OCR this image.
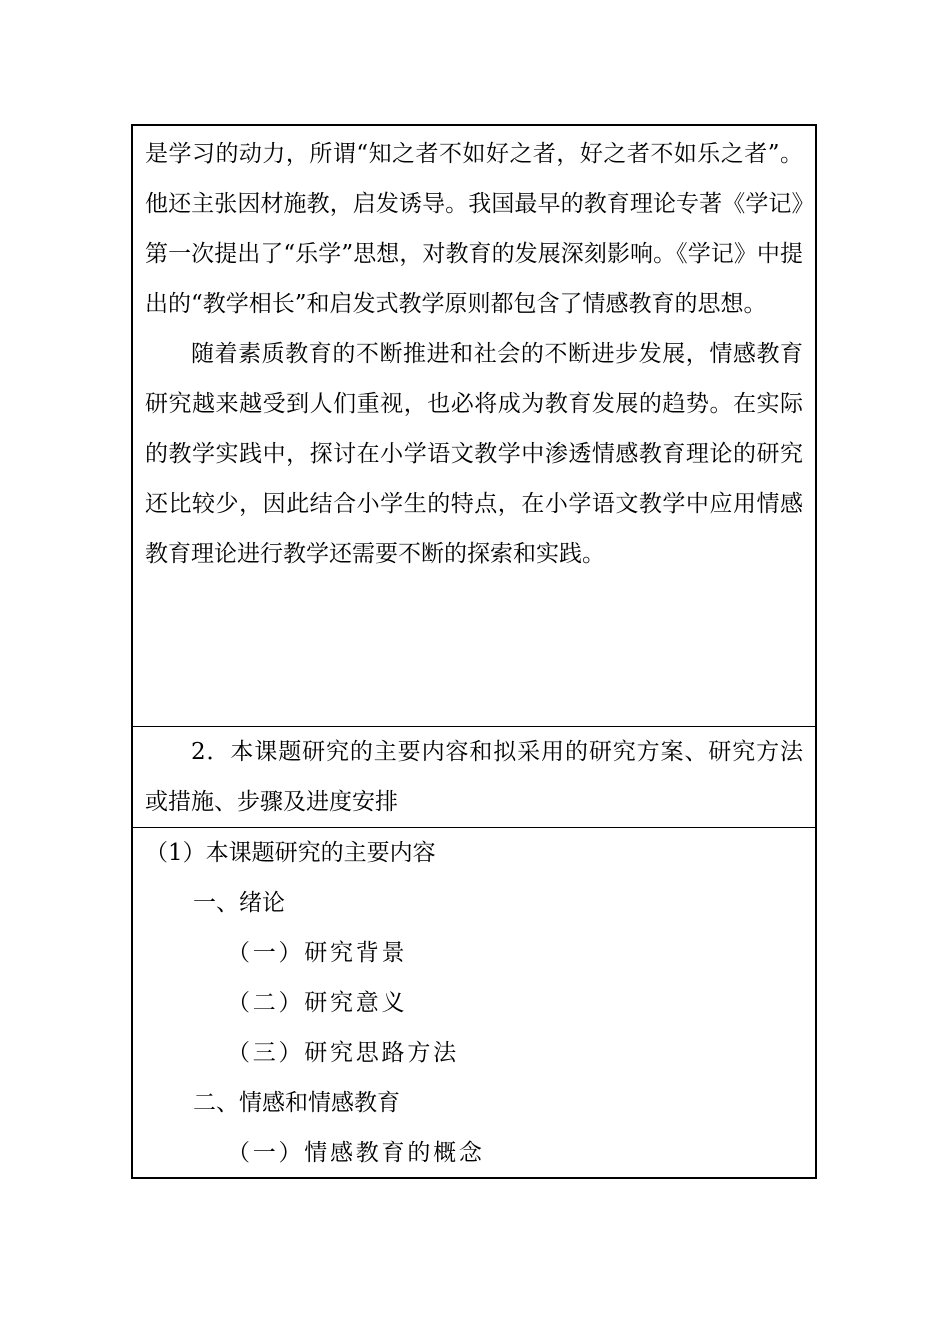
是学习的动力，所谓“知之者不如好之者，好之者不如乐之者”。他还主张因材施教，启发诱导。我国最早的教育理论专著《学记》第一次提出了“乐学”思想，对教育的发展深刻影响。《学记》中提出的“教学相长”和启发式教学原则都包含了情感教育的思想。

随着素质教育的不断推进和社会的不断进步发展，情感教育研究越来越受到人们重视，也必将成为教育发展的趋势。在实际的教学实践中，探讨在小学语文教学中渗透情感教育理论的研究还比较少，因此结合小学生的特点，在小学语文教学中应用情感教育理论进行教学还需要不断的探索和实践。

2．本课题研究的主要内容和拟采用的研究方案、研究方法或措施、步骤及进度安排

（1）本课题研究的主要内容

一、绪论

（一）研究背景

（二）研究意义

（三）研究思路方法

二、情感和情感教育

（一）情感教育的概念
